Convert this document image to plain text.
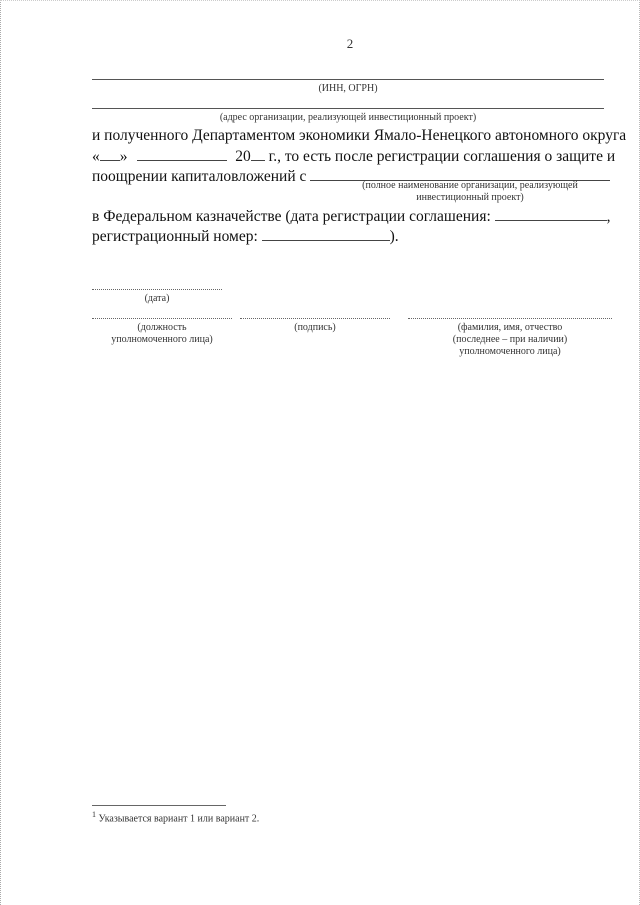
2
(ИНН, ОГРН)
(адрес организации, реализующей инвестиционный проект)
и полученного Департаментом экономики Ямало-Ненецкого автономного округа
« »	20 г., то есть после регистрации соглашения о защите и
поощрении капиталовложений с
(полное наименование организации, реализующей
инвестиционный проект)
в Федеральном казначействе (дата регистрации соглашения:	,
регистрационный номер:	).
(дата)
(должность
уполномоченного лица)
(подпись)	(фамилия, имя, отчество
(последнее – при наличии)
уполномоченного лица)
$^1$ Указывается вариант 1 или вариант 2.
